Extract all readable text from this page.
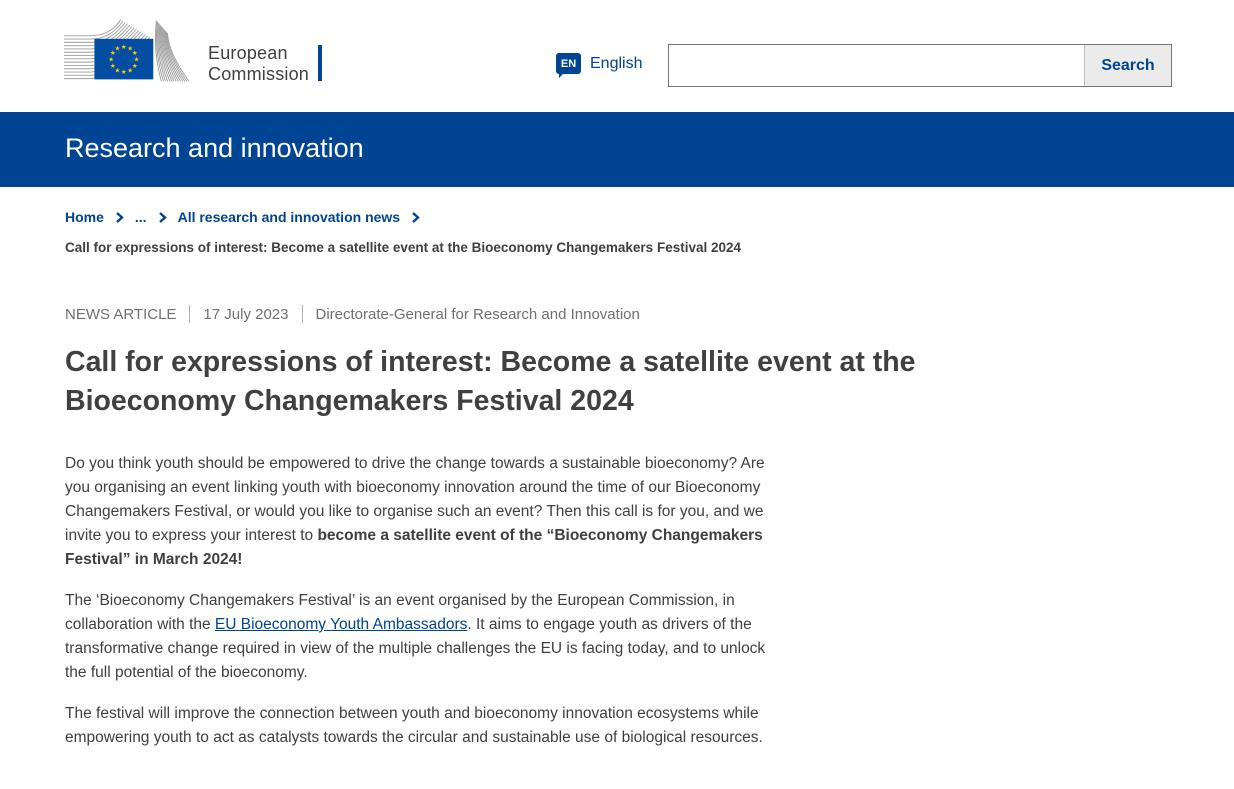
★ ★
★
★
★
★
★
★
★
★
★
★	European
Commission
EN English	Search
Research and innovation
Home ... All research and innovation news
Call for expressions of interest: Become a satellite event at the Bioeconomy Changemakers Festival 2024
NEWS ARTICLE 17 July 2023 Directorate-General for Research and Innovation
Call for expressions of interest: Become a satellite event at the Bioeconomy Changemakers Festival 2024

Do you think youth should be empowered to drive the change towards a sustainable bioeconomy? Are you organising an event linking youth with bioeconomy innovation around the time of our Bioeconomy Changemakers Festival, or would you like to organise such an event? Then this call is for you, and we invite you to express your interest to become a satellite event of the “Bioeconomy Changemakers Festival” in March 2024!

The ‘Bioeconomy Changemakers Festival’ is an event organised by the European Commission, in collaboration with the EU Bioeconomy Youth Ambassadors. It aims to engage youth as drivers of the transformative change required in view of the multiple challenges the EU is facing today, and to unlock the full potential of the bioeconomy.

The festival will improve the connection between youth and bioeconomy innovation ecosystems while empowering youth to act as catalysts towards the circular and sustainable use of biological resources.
